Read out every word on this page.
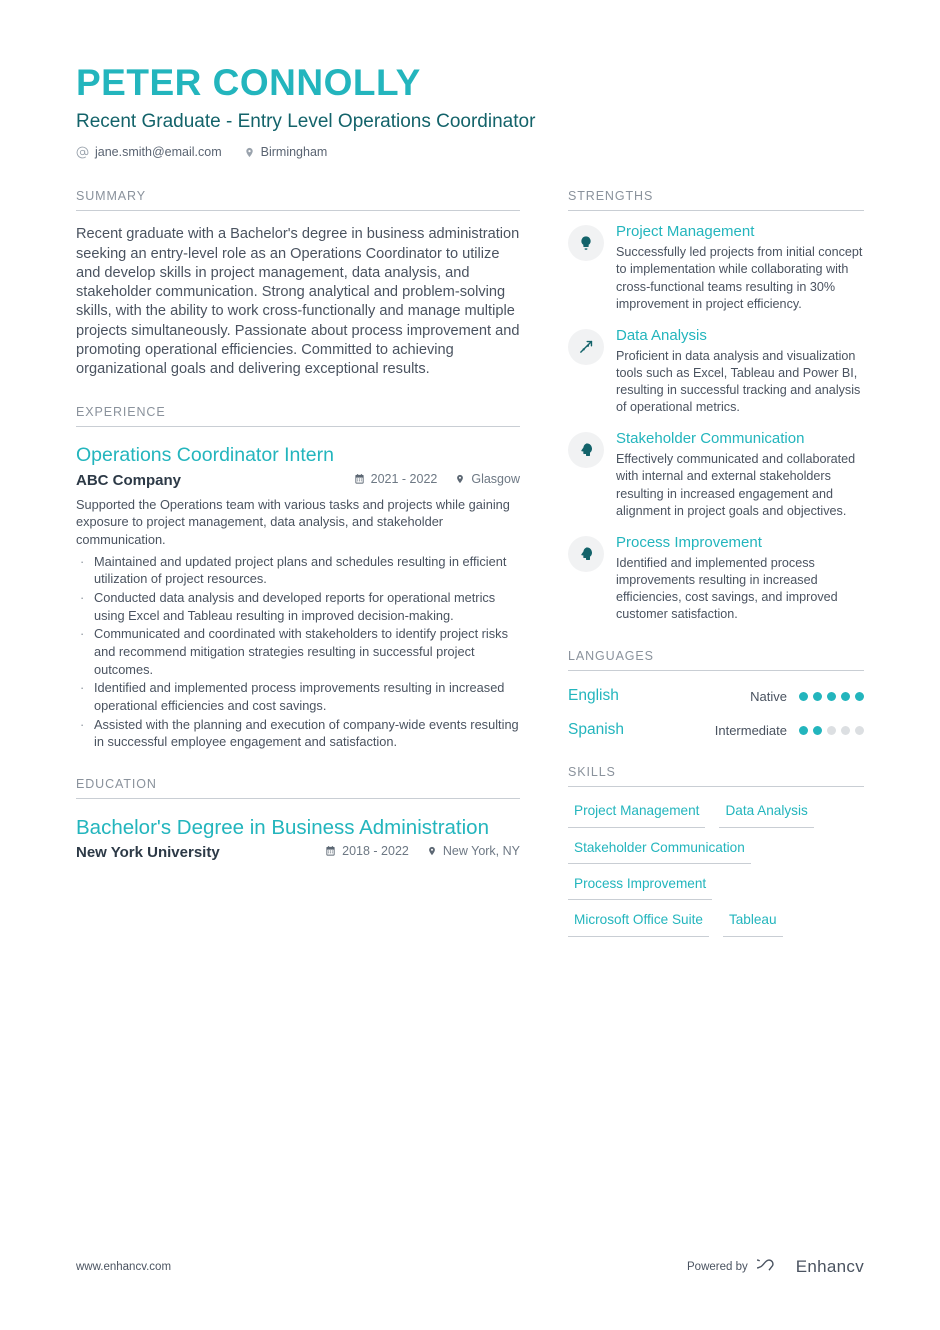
PETER CONNOLLY
Recent Graduate - Entry Level Operations Coordinator
jane.smith@email.com	Birmingham
SUMMARY
Recent graduate with a Bachelor's degree in business administration seeking an entry-level role as an Operations Coordinator to utilize and develop skills in project management, data analysis, and stakeholder communication. Strong analytical and problem-solving skills, with the ability to work cross-functionally and manage multiple projects simultaneously. Passionate about process improvement and promoting operational efficiencies. Committed to achieving organizational goals and delivering exceptional results.
EXPERIENCE
Operations Coordinator Intern
ABC Company	2021 - 2022	Glasgow
Supported the Operations team with various tasks and projects while gaining exposure to project management, data analysis, and stakeholder communication.
· Maintained and updated project plans and schedules resulting in efficient utilization of project resources.
· Conducted data analysis and developed reports for operational metrics using Excel and Tableau resulting in improved decision-making.
· Communicated and coordinated with stakeholders to identify project risks and recommend mitigation strategies resulting in successful project outcomes.
· Identified and implemented process improvements resulting in increased operational efficiencies and cost savings.
· Assisted with the planning and execution of company-wide events resulting in successful employee engagement and satisfaction.
EDUCATION
Bachelor's Degree in Business Administration
New York University	2018 - 2022	New York, NY
STRENGTHS
Project Management
Successfully led projects from initial concept to implementation while collaborating with cross-functional teams resulting in 30% improvement in project efficiency.
Data Analysis
Proficient in data analysis and visualization tools such as Excel, Tableau and Power BI, resulting in successful tracking and analysis of operational metrics.
Stakeholder Communication
Effectively communicated and collaborated with internal and external stakeholders resulting in increased engagement and alignment in project goals and objectives.
Process Improvement
Identified and implemented process improvements resulting in increased efficiencies, cost savings, and improved customer satisfaction.
LANGUAGES
English	Native
Spanish	Intermediate
SKILLS
Project Management	Data Analysis
Stakeholder Communication
Process Improvement
Microsoft Office Suite	Tableau
www.enhancv.com	Powered by	Enhancv
